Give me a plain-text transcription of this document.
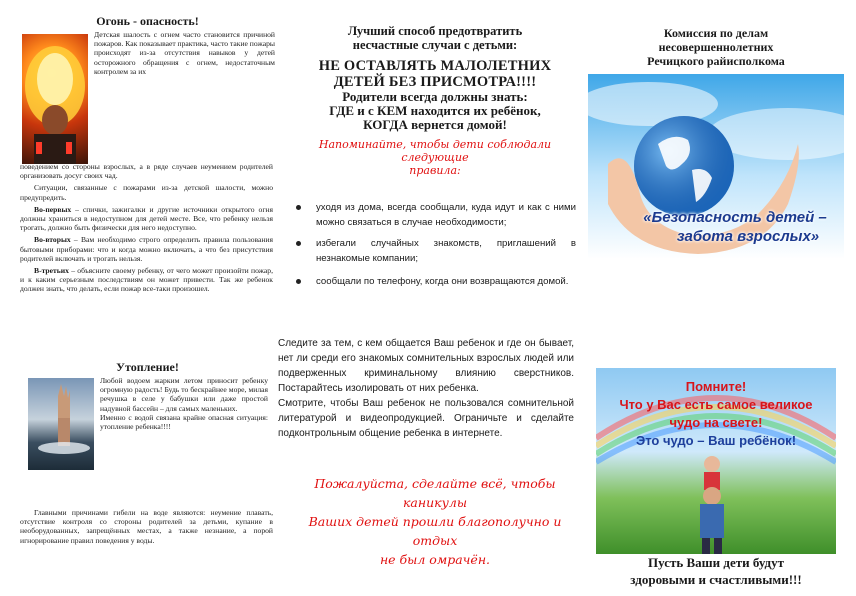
Огонь - опасность!

Детская шалость с огнем часто становится причиной пожаров. Как показывает практика, часто такие пожары происходят из-за отсутствия навыков у детей осторожного обращения с огнем, недостаточным контролем за их

поведением со стороны взрослых, а в ряде случаев неумением родителей организовать досуг своих чад.

Ситуации, связанные с пожарами из-за детской шалости, можно предупредить.

Во-первых – спички, зажигалки и другие источники открытого огня должны храниться в недоступном для детей месте. Все, что ребенку нельзя трогать, должно быть физически для него недоступно.

Во-вторых – Вам необходимо строго определить правила пользования бытовыми приборами: что и когда можно включать, а что без присутствия родителей включать и трогать нельзя.

В-третьих – объясните своему ребенку, от чего может произойти пожар, и к каким серьезным последствиям он может привести. Так же ребенок должен знать, что делать, если пожар все-таки произошел.

Утопление!

Любой водоем жарким летом приносит ребенку огромную радость! Будь то бескрайнее море, милая речушка в селе у бабушки или даже простой надувной бассейн – для самых маленьких.

Именно с водой связана крайне опасная ситуация: утопление ребенка!!!!

Главными причинами гибели на воде являются: неумение плавать, отсутствие контроля со стороны родителей за детьми, купание в необорудованных, запрещённых местах, а также незнание, а порой игнорирование правил поведения у воды.

Лучший способ предотвратить

несчастные случаи с детьми:

НЕ ОСТАВЛЯТЬ МАЛОЛЕТНИХ

ДЕТЕЙ БЕЗ ПРИСМОТРА!!!!

Родители всегда должны знать:

ГДЕ и с КЕМ находится их ребёнок,

КОГДА вернется домой!

Напоминайте, чтобы дети соблюдали следующие

правила:

уходя из дома, всегда сообщали, куда идут и как с ними можно связаться в случае необходимости;
избегали случайных знакомств, приглашений в незнакомые компании;
сообщали по телефону, когда они возвращаются домой.

Следите за тем, с кем общается Ваш ребенок и где он бывает, нет ли среди его знакомых сомнительных взрослых людей или подверженных криминальному влиянию сверстников. Постарайтесь изолировать от них ребенка.

Смотрите, чтобы Ваш ребенок не пользовался сомнительной литературой и видеопродукцией. Ограничьте и сделайте подконтрольным общение ребенка в интернете.

Пожалуйста, сделайте всё, чтобы каникулы

Ваших детей прошли благополучно и отдых

не был омрачён.

Комиссия по делам

несовершеннолетних

Речицкого райисполкома

«Безопасность детей –
забота взрослых»
Помните!
Что у Вас есть самое великое
чудо на свете!
Это чудо – Ваш ребёнок!

Пусть Ваши дети будут

здоровыми и счастливыми!!!
